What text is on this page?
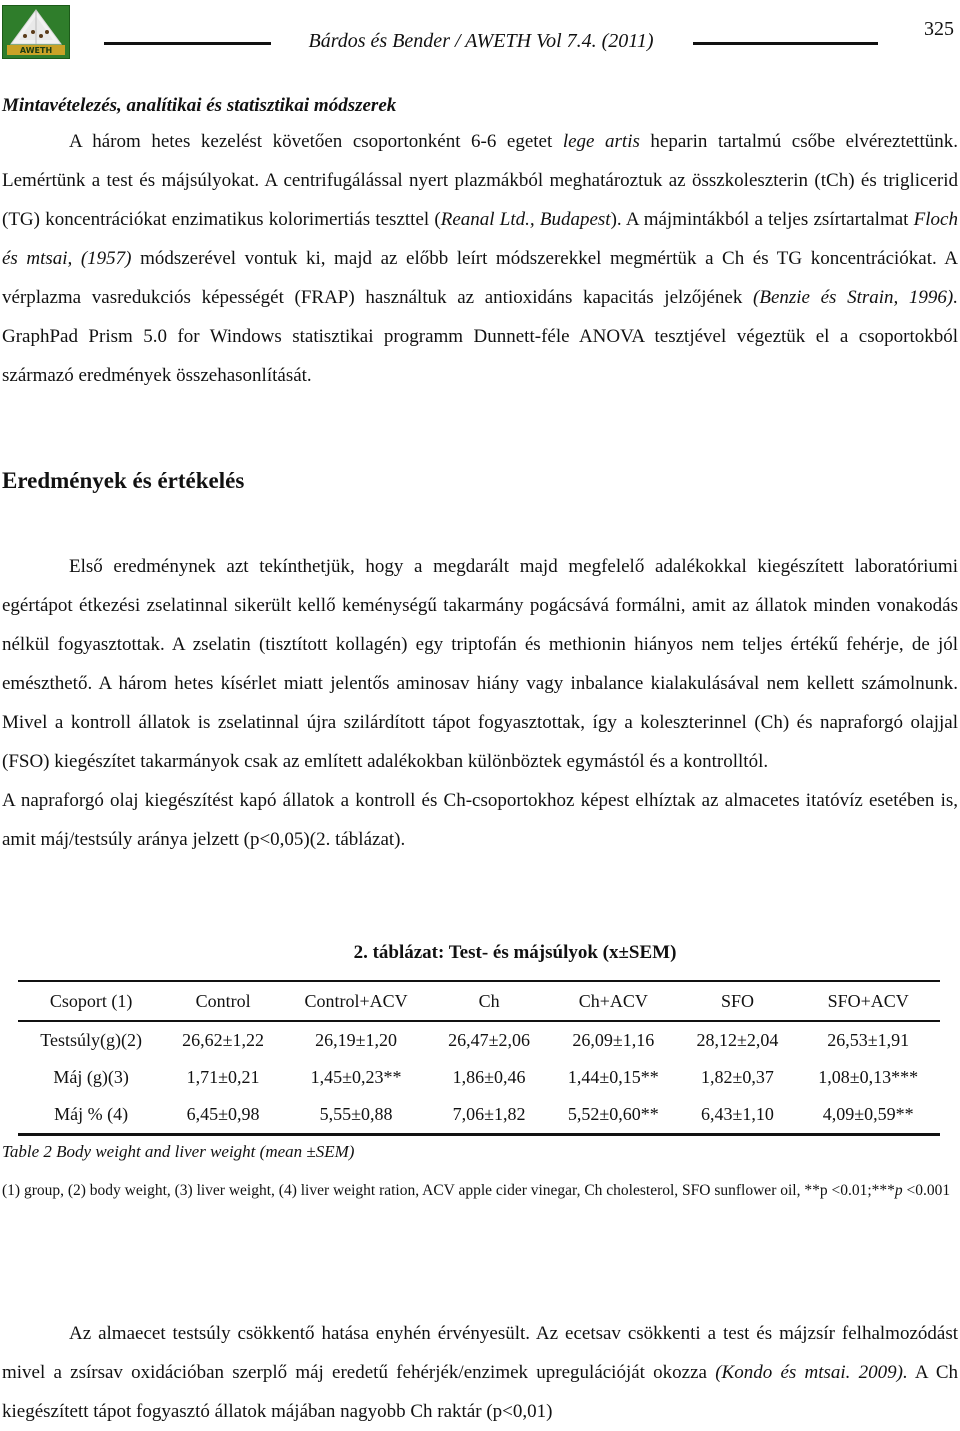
AWETH	Bárdos és Bender / AWETH Vol 7.4. (2011)
325
Mintavételezés, analítikai és statisztikai módszerek

A három hetes kezelést követően csoportonként 6-6 egetet lege artis heparin tartalmú csőbe elvéreztettünk. Lemértünk a test és májsúlyokat. A centrifugálással nyert plazmákból meghatároztuk az összkoleszterin (tCh) és triglicerid (TG) koncentrációkat enzimatikus kolorimertiás teszttel (Reanal Ltd., Budapest). A májmintákból a teljes zsírtartalmat Floch és mtsai, (1957) módszerével vontuk ki, majd az előbb leírt módszerekkel megmértük a Ch és TG koncentrációkat. A vérplazma vasredukciós képességét (FRAP) használtuk az antioxidáns kapacitás jelzőjének (Benzie és Strain, 1996). GraphPad Prism 5.0 for Windows statisztikai programm Dunnett-féle ANOVA tesztjével végeztük el a csoportokból származó eredmények összehasonlítását.

Eredmények és értékelés

Első eredménynek azt tekínthetjük, hogy a megdarált majd megfelelő adalékokkal kiegészített laboratóriumi egértápot étkezési zselatinnal sikerült kellő keménységű takarmány pogácsává formálni, amit az állatok minden vonakodás nélkül fogyasztottak. A zselatin (tisztított kollagén) egy triptofán és methionin hiányos nem teljes értékű fehérje, de jól emészthető. A három hetes kísérlet miatt jelentős aminosav hiány vagy inbalance kialakulásával nem kellett számolnunk. Mivel a kontroll állatok is zselatinnal újra szilárdított tápot fogyasztottak, így a koleszterinnel (Ch) és napraforgó olajjal (FSO) kiegészítet takarmányok csak az említett adalékokban különböztek egymástól és a kontrolltól.

A napraforgó olaj kiegészítést kapó állatok a kontroll és Ch-csoportokhoz képest elhíztak az almacetes itatóvíz esetében is, amit máj/testsúly aránya jelzett (p<0,05)(2. táblázat).

2. táblázat: Test- és májsúlyok (x±SEM)
Csoport (1)	Control	Control+ACV	Ch	Ch+ACV	SFO	SFO+ACV
Testsúly(g)(2)	26,62±1,22	26,19±1,20	26,47±2,06	26,09±1,16	28,12±2,04	26,53±1,91
Máj (g)(3)	1,71±0,21	1,45±0,23**	1,86±0,46	1,44±0,15**	1,82±0,37	1,08±0,13***
Máj % (4)	6,45±0,98	5,55±0,88	7,06±1,82	5,52±0,60**	6,43±1,10	4,09±0,59**
Table 2 Body weight and liver weight (mean ±SEM)
(1) group, (2) body weight, (3) liver weight, (4) liver weight ration, ACV apple cider vinegar, Ch cholesterol, SFO sunflower oil, **p <0.01;***p <0.001

Az almaecet testsúly csökkentő hatása enyhén érvényesült. Az ecetsav csökkenti a test és májzsír felhalmozódást mivel a zsírsav oxidációban szerplő máj eredetű fehérjék/enzimek upregulációját okozza (Kondo és mtsai. 2009). A Ch kiegészített tápot fogyasztó állatok májában nagyobb Ch raktár (p<0,01)
